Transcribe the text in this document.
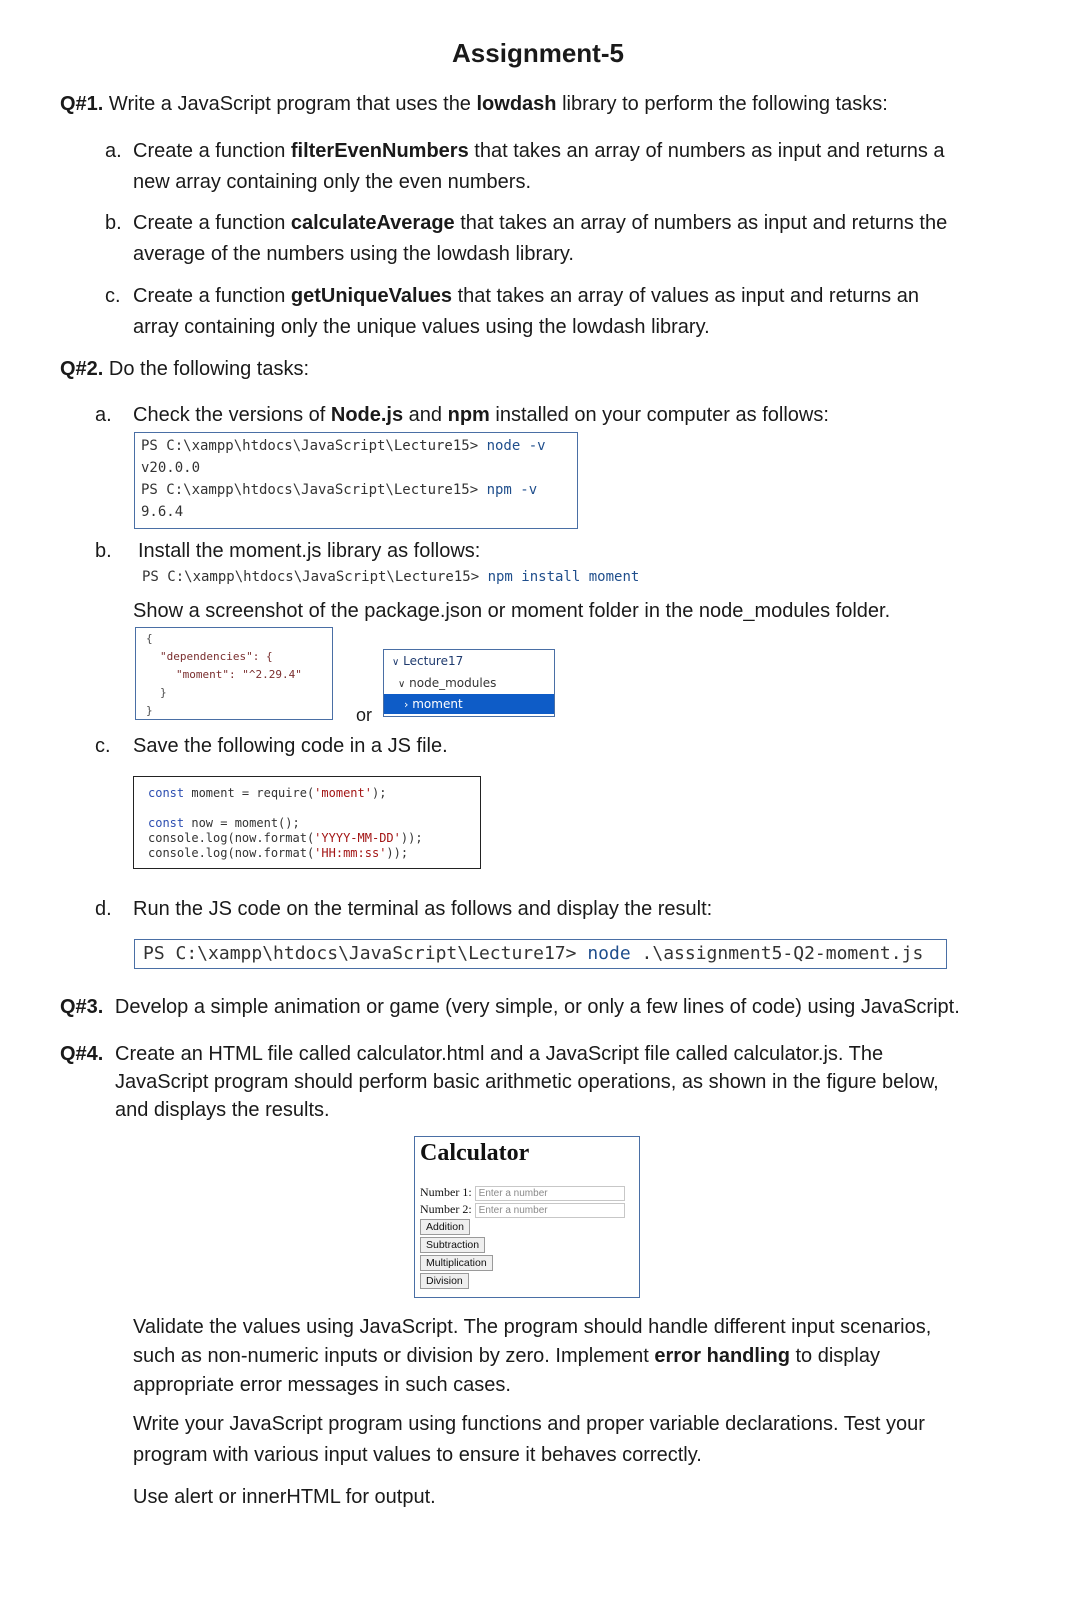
Assignment-5
Q#1. Write a JavaScript program that uses the lowdash library to perform the following tasks:
a. Create a function filterEvenNumbers that takes an array of numbers as input and returns a
new array containing only the even numbers.
b. Create a function calculateAverage that takes an array of numbers as input and returns the
average of the numbers using the lowdash library.
c. Create a function getUniqueValues that takes an array of values as input and returns an
array containing only the unique values using the lowdash library.
Q#2. Do the following tasks:
a. Check the versions of Node.js and npm installed on your computer as follows:
PS C:\xampp\htdocs\JavaScript\Lecture15> node -v
v20.0.0
PS C:\xampp\htdocs\JavaScript\Lecture15> npm -v
9.6.4
b. Install the moment.js library as follows:
PS C:\xampp\htdocs\JavaScript\Lecture15> npm install moment
Show a screenshot of the package.json or moment folder in the node_modules folder.
{
"dependencies": {
"moment": "^2.29.4"
}
}	or
∨ Lecture17
∨ node_modules
› moment
c. Save the following code in a JS file.
const moment = require('moment');
const now = moment();
console.log(now.format('YYYY-MM-DD'));
console.log(now.format('HH:mm:ss'));
d. Run the JS code on the terminal as follows and display the result:
PS C:\xampp\htdocs\JavaScript\Lecture17> node .\assignment5-Q2-moment.js
Q#3. Develop a simple animation or game (very simple, or only a few lines of code) using JavaScript.
Q#4. Create an HTML file called calculator.html and a JavaScript file called calculator.js. The
JavaScript program should perform basic arithmetic operations, as shown in the figure below,
and displays the results.
Calculator
Number 1: Enter a number
Number 2: Enter a number
Addition
Subtraction
Multiplication
Division
Validate the values using JavaScript. The program should handle different input scenarios,
such as non-numeric inputs or division by zero. Implement error handling to display
appropriate error messages in such cases.
Write your JavaScript program using functions and proper variable declarations. Test your
program with various input values to ensure it behaves correctly.
Use alert or innerHTML for output.
